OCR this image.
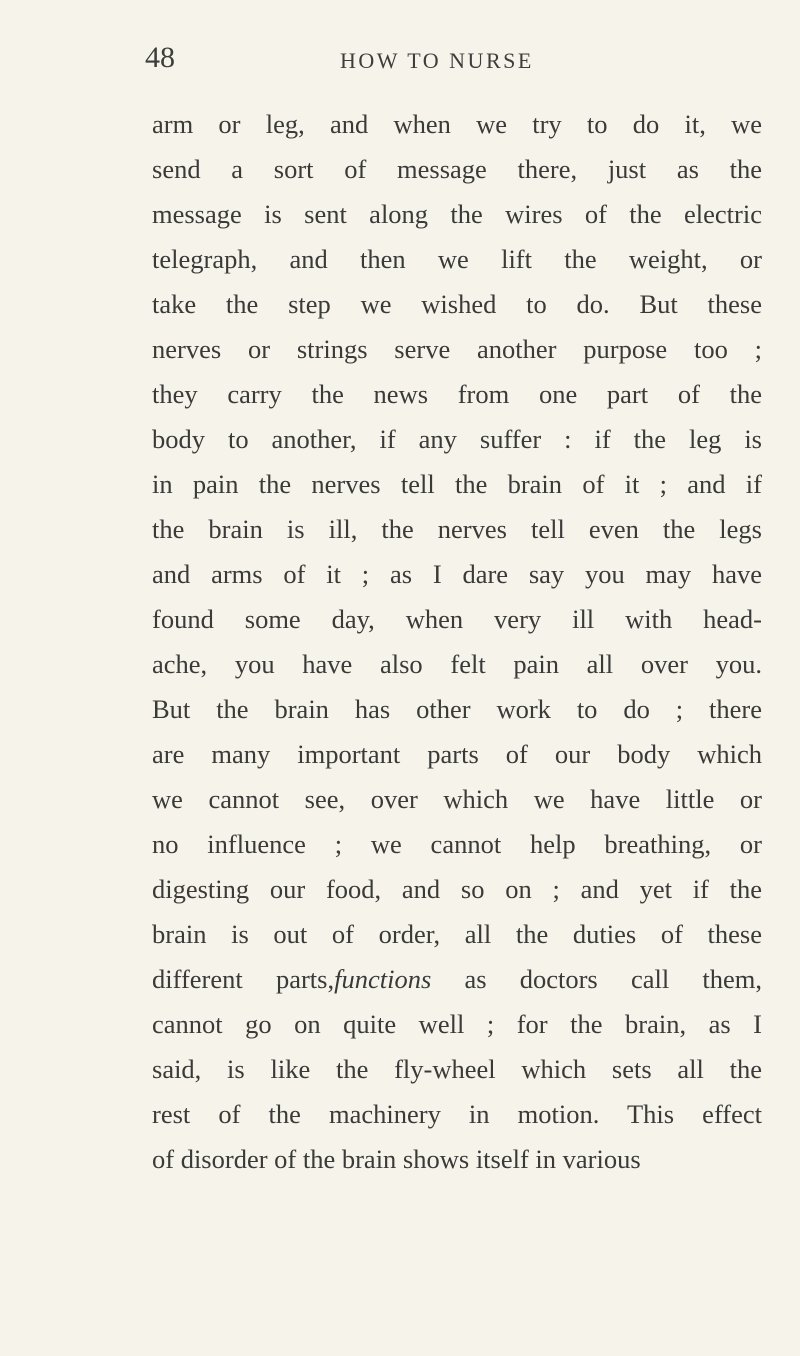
48	HOW TO NURSE
arm or leg, and when we try to do it, we
send a sort of message there, just as the
message is sent along the wires of the electric
telegraph, and then we lift the weight, or
take the step we wished to do. But these
nerves or strings serve another purpose too ;
they carry the news from one part of the
body to another, if any suffer : if the leg is
in pain the nerves tell the brain of it ; and if
the brain is ill, the nerves tell even the legs
and arms of it ; as I dare say you may have
found some day, when very ill with head-
ache, you have also felt pain all over you.
But the brain has other work to do ; there
are many important parts of our body which
we cannot see, over which we have little or
no influence ; we cannot help breathing, or
digesting our food, and so on ; and yet if the
brain is out of order, all the duties of these
different parts,functions as doctors call them,
cannot go on quite well ; for the brain, as I
said, is like the fly-wheel which sets all the
rest of the machinery in motion. This effect
of disorder of the brain shows itself in various
